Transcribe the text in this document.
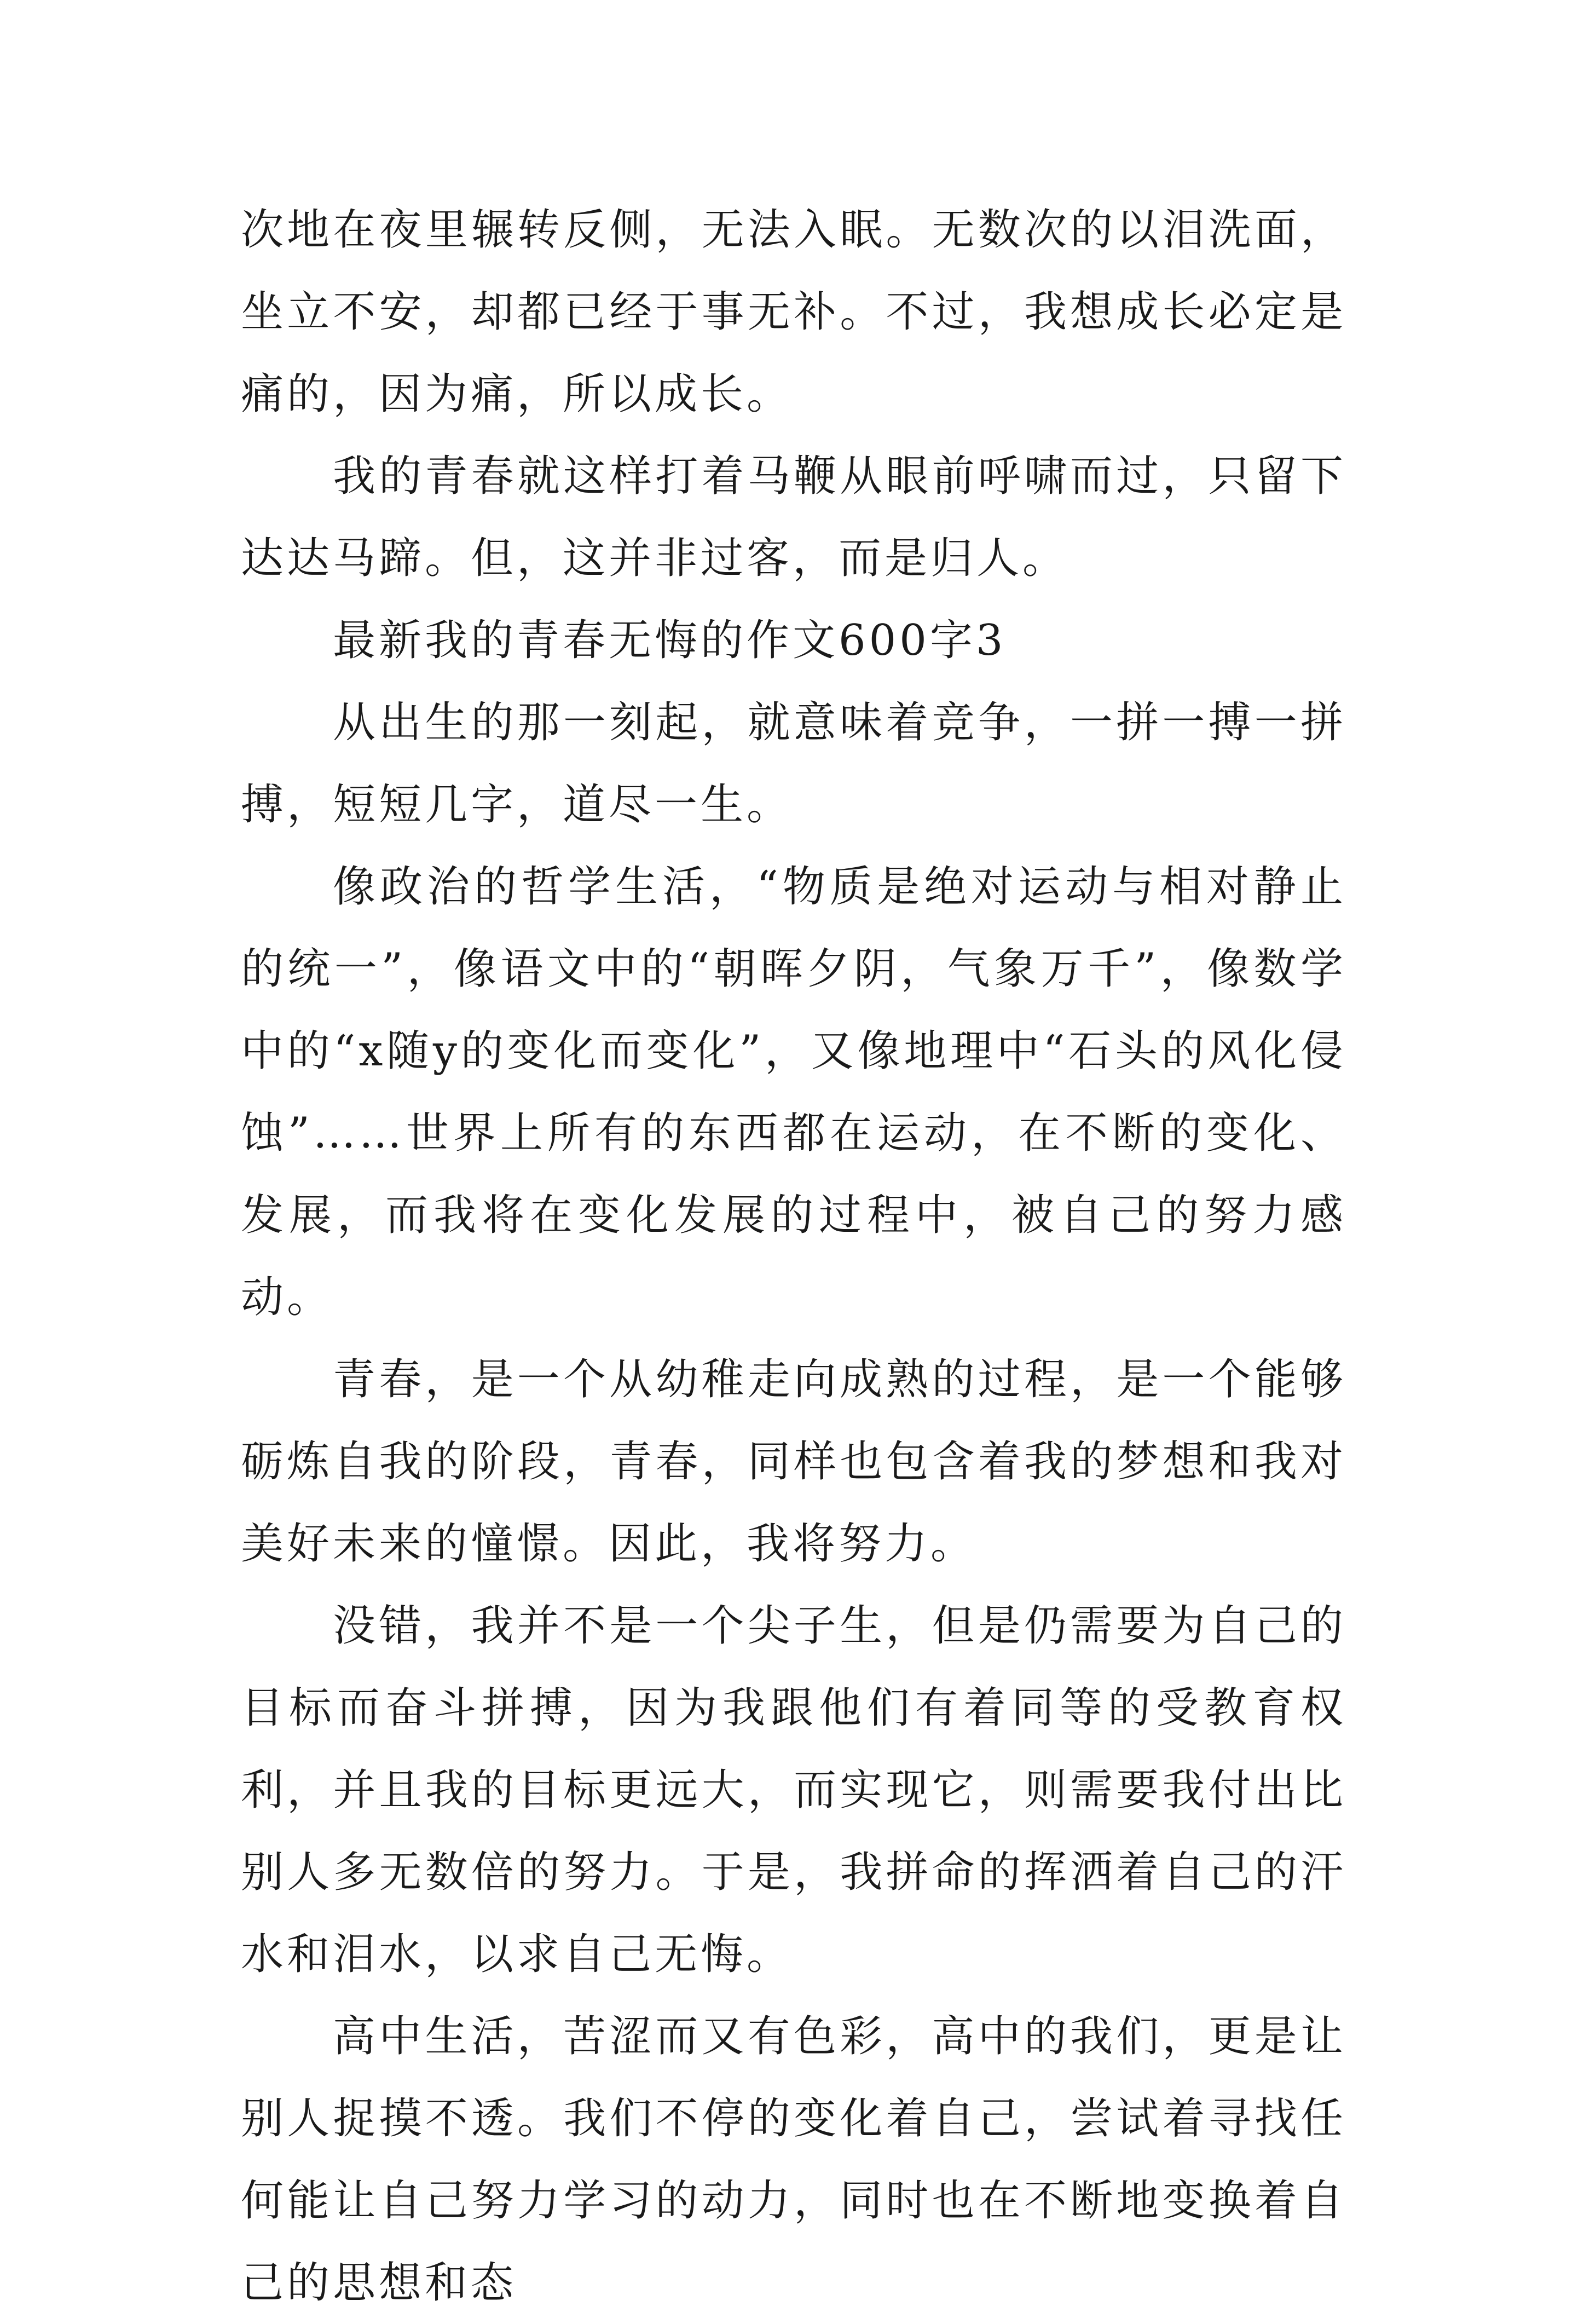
次地在夜里辗转反侧，无法入眠。无数次的以泪洗面，坐立不安，却都已经于事无补。不过，我想成长必定是痛的，因为痛，所以成长。

我的青春就这样打着马鞭从眼前呼啸而过，只留下达达马蹄。但，这并非过客，而是归人。

最新我的青春无悔的作文600字3

从出生的那一刻起，就意味着竞争，一拼一搏一拼搏，短短几字，道尽一生。

像政治的哲学生活，“物质是绝对运动与相对静止的统一”，像语文中的“朝晖夕阴，气象万千”，像数学中的“x随y的变化而变化”，又像地理中“石头的风化侵蚀”……世界上所有的东西都在运动，在不断的变化、发展，而我将在变化发展的过程中，被自己的努力感动。

青春，是一个从幼稚走向成熟的过程，是一个能够砺炼自我的阶段，青春，同样也包含着我的梦想和我对美好未来的憧憬。因此，我将努力。

没错，我并不是一个尖子生，但是仍需要为自己的目标而奋斗拼搏，因为我跟他们有着同等的受教育权利，并且我的目标更远大，而实现它，则需要我付出比别人多无数倍的努力。于是，我拼命的挥洒着自己的汗水和泪水，以求自己无悔。

高中生活，苦涩而又有色彩，高中的我们，更是让别人捉摸不透。我们不停的变化着自己，尝试着寻找任何能让自己努力学习的动力，同时也在不断地变换着自己的思想和态
